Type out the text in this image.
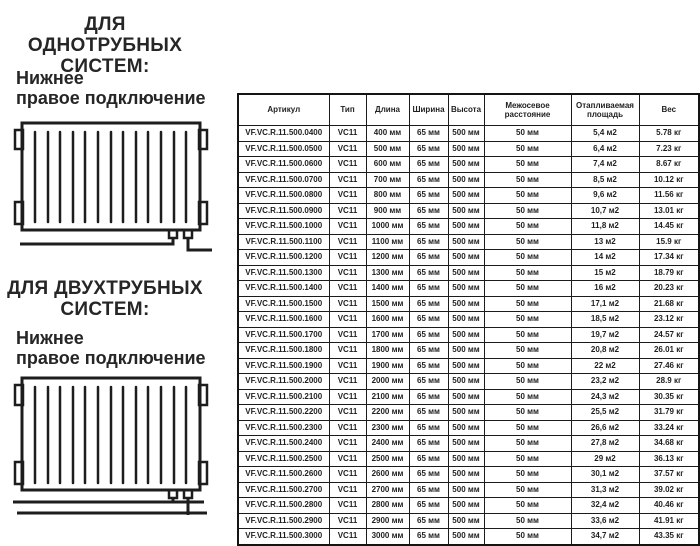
ДЛЯ ОДНОТРУБНЫХ
СИСТЕМ:
Нижнее
правое подключение
ДЛЯ ДВУХТРУБНЫХ
СИСТЕМ:
Нижнее
правое подключение
Артикул	Тип	Длина	Ширина	Высота	Межосевое расстояние	Отапливаемая площадь	Вес
VF.VC.R.11.500.0400	VC11	400 мм	65 мм	500 мм	50 мм	5,4 м2	5.78 кг
VF.VC.R.11.500.0500	VC11	500 мм	65 мм	500 мм	50 мм	6,4 м2	7.23 кг
VF.VC.R.11.500.0600	VC11	600 мм	65 мм	500 мм	50 мм	7,4 м2	8.67 кг
VF.VC.R.11.500.0700	VC11	700 мм	65 мм	500 мм	50 мм	8,5 м2	10.12 кг
VF.VC.R.11.500.0800	VC11	800 мм	65 мм	500 мм	50 мм	9,6 м2	11.56 кг
VF.VC.R.11.500.0900	VC11	900 мм	65 мм	500 мм	50 мм	10,7 м2	13.01 кг
VF.VC.R.11.500.1000	VC11	1000 мм	65 мм	500 мм	50 мм	11,8 м2	14.45 кг
VF.VC.R.11.500.1100	VC11	1100 мм	65 мм	500 мм	50 мм	13 м2	15.9 кг
VF.VC.R.11.500.1200	VC11	1200 мм	65 мм	500 мм	50 мм	14 м2	17.34 кг
VF.VC.R.11.500.1300	VC11	1300 мм	65 мм	500 мм	50 мм	15 м2	18.79 кг
VF.VC.R.11.500.1400	VC11	1400 мм	65 мм	500 мм	50 мм	16 м2	20.23 кг
VF.VC.R.11.500.1500	VC11	1500 мм	65 мм	500 мм	50 мм	17,1 м2	21.68 кг
VF.VC.R.11.500.1600	VC11	1600 мм	65 мм	500 мм	50 мм	18,5 м2	23.12 кг
VF.VC.R.11.500.1700	VC11	1700 мм	65 мм	500 мм	50 мм	19,7 м2	24.57 кг
VF.VC.R.11.500.1800	VC11	1800 мм	65 мм	500 мм	50 мм	20,8 м2	26.01 кг
VF.VC.R.11.500.1900	VC11	1900 мм	65 мм	500 мм	50 мм	22 м2	27.46 кг
VF.VC.R.11.500.2000	VC11	2000 мм	65 мм	500 мм	50 мм	23,2 м2	28.9 кг
VF.VC.R.11.500.2100	VC11	2100 мм	65 мм	500 мм	50 мм	24,3 м2	30.35 кг
VF.VC.R.11.500.2200	VC11	2200 мм	65 мм	500 мм	50 мм	25,5 м2	31.79 кг
VF.VC.R.11.500.2300	VC11	2300 мм	65 мм	500 мм	50 мм	26,6 м2	33.24 кг
VF.VC.R.11.500.2400	VC11	2400 мм	65 мм	500 мм	50 мм	27,8 м2	34.68 кг
VF.VC.R.11.500.2500	VC11	2500 мм	65 мм	500 мм	50 мм	29 м2	36.13 кг
VF.VC.R.11.500.2600	VC11	2600 мм	65 мм	500 мм	50 мм	30,1 м2	37.57 кг
VF.VC.R.11.500.2700	VC11	2700 мм	65 мм	500 мм	50 мм	31,3 м2	39.02 кг
VF.VC.R.11.500.2800	VC11	2800 мм	65 мм	500 мм	50 мм	32,4 м2	40.46 кг
VF.VC.R.11.500.2900	VC11	2900 мм	65 мм	500 мм	50 мм	33,6 м2	41.91 кг
VF.VC.R.11.500.3000	VC11	3000 мм	65 мм	500 мм	50 мм	34,7 м2	43.35 кг
